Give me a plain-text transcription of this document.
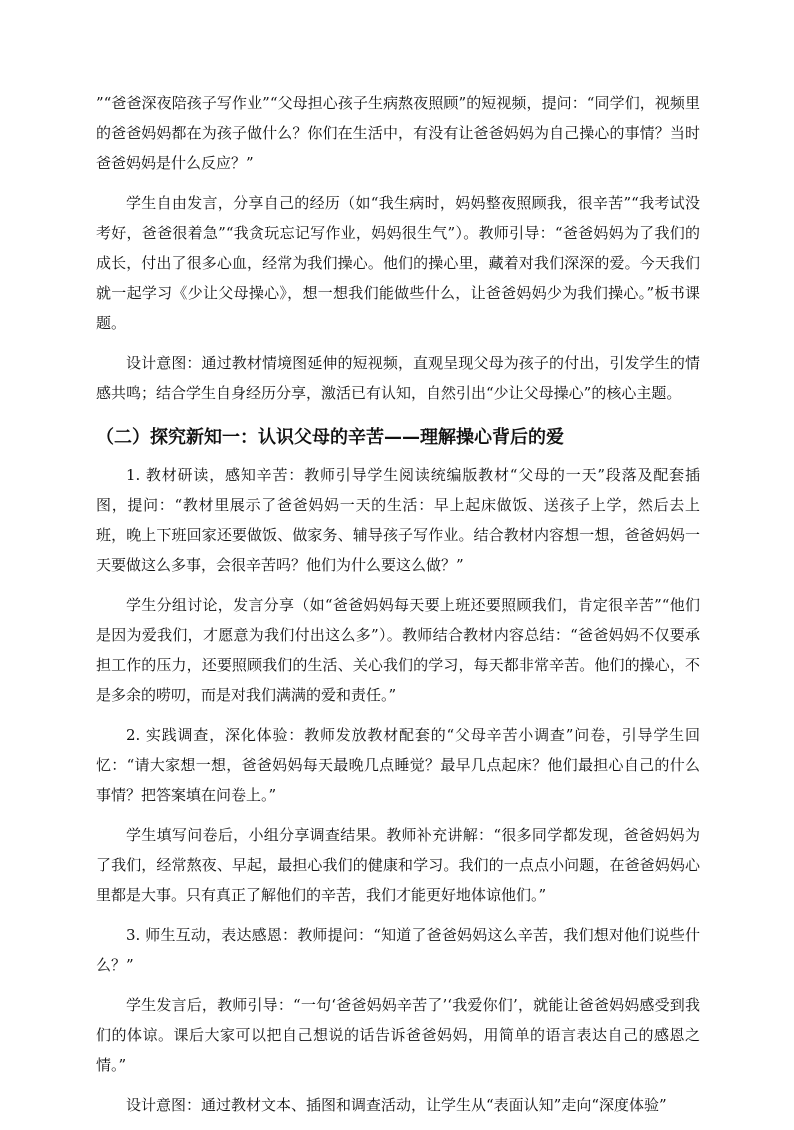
”“爸爸深夜陪孩子写作业”“父母担心孩子生病熬夜照顾”的短视频，提问：“同学们，视频里的爸爸妈妈都在为孩子做什么？你们在生活中，有没有让爸爸妈妈为自己操心的事情？当时爸爸妈妈是什么反应？”

学生自由发言，分享自己的经历（如“我生病时，妈妈整夜照顾我，很辛苦”“我考试没考好，爸爸很着急”“我贪玩忘记写作业，妈妈很生气”）。教师引导：“爸爸妈妈为了我们的成长，付出了很多心血，经常为我们操心。他们的操心里，藏着对我们深深的爱。今天我们就一起学习《少让父母操心》，想一想我们能做些什么，让爸爸妈妈少为我们操心。”板书课题。

设计意图：通过教材情境图延伸的短视频，直观呈现父母为孩子的付出，引发学生的情感共鸣；结合学生自身经历分享，激活已有认知，自然引出“少让父母操心”的核心主题。

（二）探究新知一：认识父母的辛苦——理解操心背后的爱

1. 教材研读，感知辛苦：教师引导学生阅读统编版教材“父母的一天”段落及配套插图，提问：“教材里展示了爸爸妈妈一天的生活：早上起床做饭、送孩子上学，然后去上班，晚上下班回家还要做饭、做家务、辅导孩子写作业。结合教材内容想一想，爸爸妈妈一天要做这么多事，会很辛苦吗？他们为什么要这么做？”

学生分组讨论，发言分享（如“爸爸妈妈每天要上班还要照顾我们，肯定很辛苦”“他们是因为爱我们，才愿意为我们付出这么多”）。教师结合教材内容总结：“爸爸妈妈不仅要承担工作的压力，还要照顾我们的生活、关心我们的学习，每天都非常辛苦。他们的操心，不是多余的唠叨，而是对我们满满的爱和责任。”

2. 实践调查，深化体验：教师发放教材配套的“父母辛苦小调查”问卷，引导学生回忆：“请大家想一想，爸爸妈妈每天最晚几点睡觉？最早几点起床？他们最担心自己的什么事情？把答案填在问卷上。”

学生填写问卷后，小组分享调查结果。教师补充讲解：“很多同学都发现，爸爸妈妈为了我们，经常熬夜、早起，最担心我们的健康和学习。我们的一点点小问题，在爸爸妈妈心里都是大事。只有真正了解他们的辛苦，我们才能更好地体谅他们。”

3. 师生互动，表达感恩：教师提问：“知道了爸爸妈妈这么辛苦，我们想对他们说些什么？”

学生发言后，教师引导：“一句‘爸爸妈妈辛苦了’‘我爱你们’，就能让爸爸妈妈感受到我们的体谅。课后大家可以把自己想说的话告诉爸爸妈妈，用简单的语言表达自己的感恩之情。”

设计意图：通过教材文本、插图和调查活动，让学生从“表面认知”走向“深度体验”
